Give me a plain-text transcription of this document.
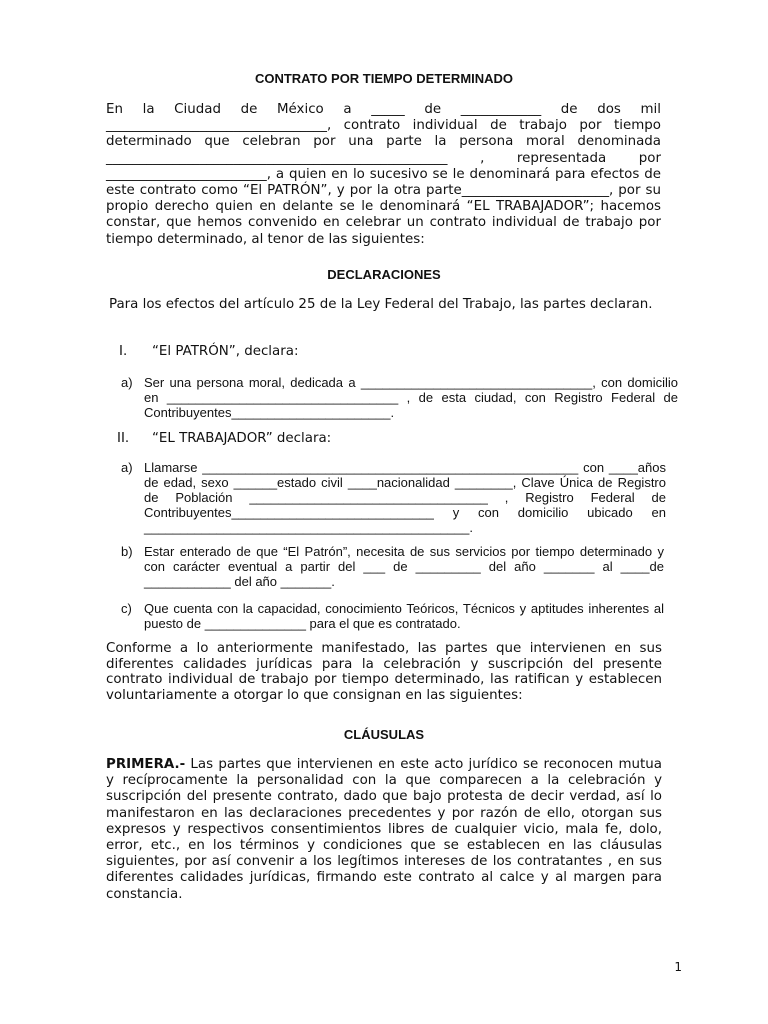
CONTRATO POR TIEMPO DETERMINADO

En la Ciudad de México a _____ de ____________ de dos mil _________________________________, contrato individual de trabajo por tiempo determinado que celebran por una parte la persona moral denominada ___________________________________________________ , representada por ________________________, a quien en lo sucesivo se le denominará para efectos de este contrato como “El PATRÓN”, y por la otra parte______________________, por su propio derecho quien en delante se le denominará “EL TRABAJADOR”; hacemos constar, que hemos convenido en celebrar un contrato individual de trabajo por tiempo determinado, al tenor de las siguientes:

DECLARACIONES

Para los efectos del artículo 25 de la Ley Federal del Trabajo, las partes declaran.

I.	“El PATRÓN”, declara:
a) Ser una persona moral, dedicada a ________________________________, con domicilio en ________________________________ , de esta ciudad, con Registro Federal de Contribuyentes______________________.

II.	“EL TRABAJADOR” declara:
a) Llamarse ____________________________________________________ con ____años de edad, sexo ______estado civil ____nacionalidad ________, Clave Única de Registro de Población _________________________________ , Registro Federal de Contribuyentes____________________________ y con domicilio ubicado en _____________________________________________.

b) Estar enterado de que “El Patrón”, necesita de sus servicios por tiempo determinado y con carácter eventual a partir del ___ de _________ del año _______ al ____de ____________ del año _______.

c) Que cuenta con la capacidad, conocimiento Teóricos, Técnicos y aptitudes inherentes al puesto de ______________ para el que es contratado.

Conforme a lo anteriormente manifestado, las partes que intervienen en sus diferentes calidades jurídicas para la celebración y suscripción del presente contrato individual de trabajo por tiempo determinado, las ratifican y establecen voluntariamente a otorgar lo que consignan en las siguientes:

CLÁUSULAS

PRIMERA.- Las partes que intervienen en este acto jurídico se reconocen mutua y recíprocamente la personalidad con la que comparecen a la celebración y suscripción del presente contrato, dado que bajo protesta de decir verdad, así lo manifestaron en las declaraciones precedentes y por razón de ello, otorgan sus expresos y respectivos consentimientos libres de cualquier vicio, mala fe, dolo, error, etc., en los términos y condiciones que se establecen en las cláusulas siguientes, por así convenir a los legítimos intereses de los contratantes , en sus diferentes calidades jurídicas, firmando este contrato al calce y al margen para constancia.

1
